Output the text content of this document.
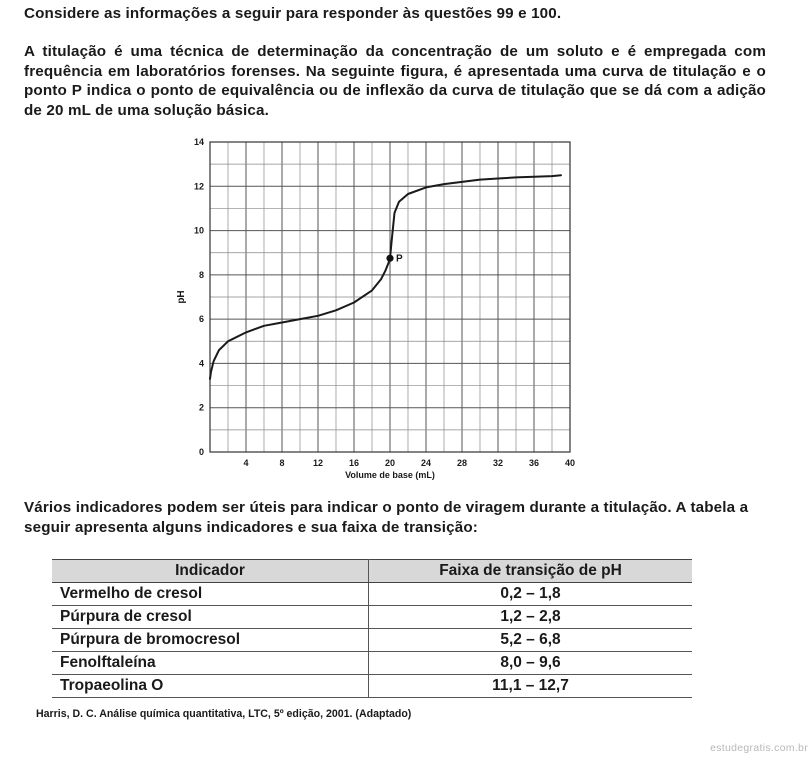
Considere as informações a seguir para responder às questões 99 e 100.

A titulação é uma técnica de determinação da concentração de um soluto e é empregada com frequência em laboratórios forenses. Na seguinte figura, é apresentada uma curva de titulação e o ponto P indica o ponto de equivalência ou de inflexão da curva de titulação que se dá com a adição de 20 mL de uma solução básica.

4	8	12	16	20	24	28	32	36	40
0
2
4
6
8
10
12
14
Volume de base (mL)
pH
P

Vários indicadores podem ser úteis para indicar o ponto de viragem durante a titulação. A tabela a seguir apresenta alguns indicadores e sua faixa de transição:

Indicador	Faixa de transição de pH
Vermelho de cresol	0,2 – 1,8
Púrpura de cresol	1,2 – 2,8
Púrpura de bromocresol	5,2 – 6,8
Fenolftaleína	8,0 – 9,6
Tropaeolina O	11,1 – 12,7

Harris, D. C. Análise química quantitativa, LTC, 5º edição, 2001. (Adaptado)

estudegratis.com.br
